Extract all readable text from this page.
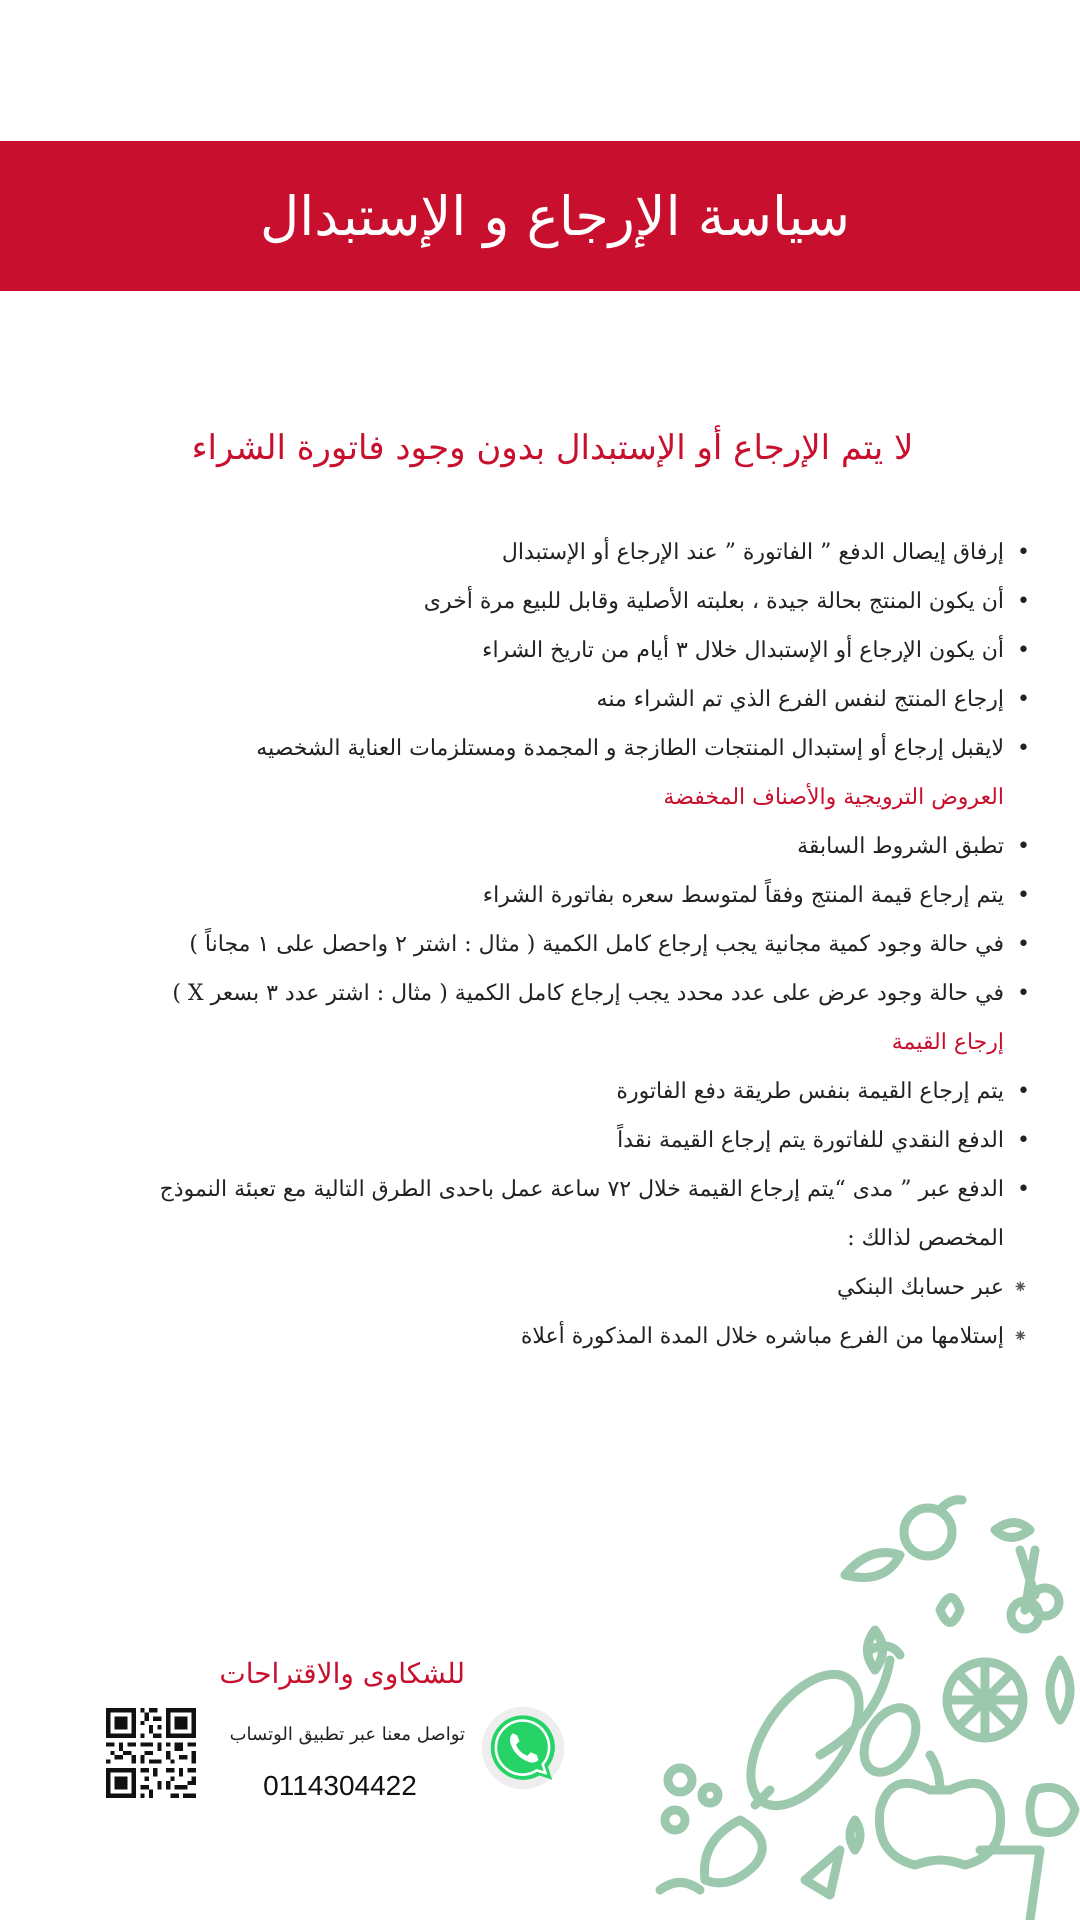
سياسة الإرجاع و الإستبدال
لا يتم الإرجاع أو الإستبدال بدون وجود فاتورة الشراء
• إرفاق إيصال الدفع ” الفاتورة ” عند الإرجاع أو الإستبدال
• أن يكون المنتج بحالة جيدة ، بعلبته الأصلية وقابل للبيع مرة أخرى
• أن يكون الإرجاع أو الإستبدال خلال ٣ أيام من تاريخ الشراء
• إرجاع المنتج لنفس الفرع الذي تم الشراء منه
• لايقبل إرجاع أو إستبدال المنتجات الطازجة و المجمدة ومستلزمات العناية الشخصيه
العروض الترويجية والأصناف المخفضة
• تطبق الشروط السابقة
• يتم إرجاع قيمة المنتج وفقاً لمتوسط سعره بفاتورة الشراء
• في حالة وجود كمية مجانية يجب إرجاع كامل الكمية ( مثال : اشتر ٢ واحصل على ١ مجاناً )
• في حالة وجود عرض على عدد محدد يجب إرجاع كامل الكمية ( مثال : اشتر عدد ٣ بسعر X )
إرجاع القيمة
• يتم إرجاع القيمة بنفس طريقة دفع الفاتورة
• الدفع النقدي للفاتورة يتم إرجاع القيمة نقداً
• الدفع عبر ” مدى “يتم إرجاع القيمة خلال ٧٢ ساعة عمل باحدى الطرق التالية مع تعبئة النموذج
المخصص لذالك :
⁕ عبر حسابك البنكي
⁕ إستلامها من الفرع مباشره خلال المدة المذكورة أعلاة
للشكاوى والاقتراحات
تواصل معنا عبر تطبيق الوتساب
0114304422
